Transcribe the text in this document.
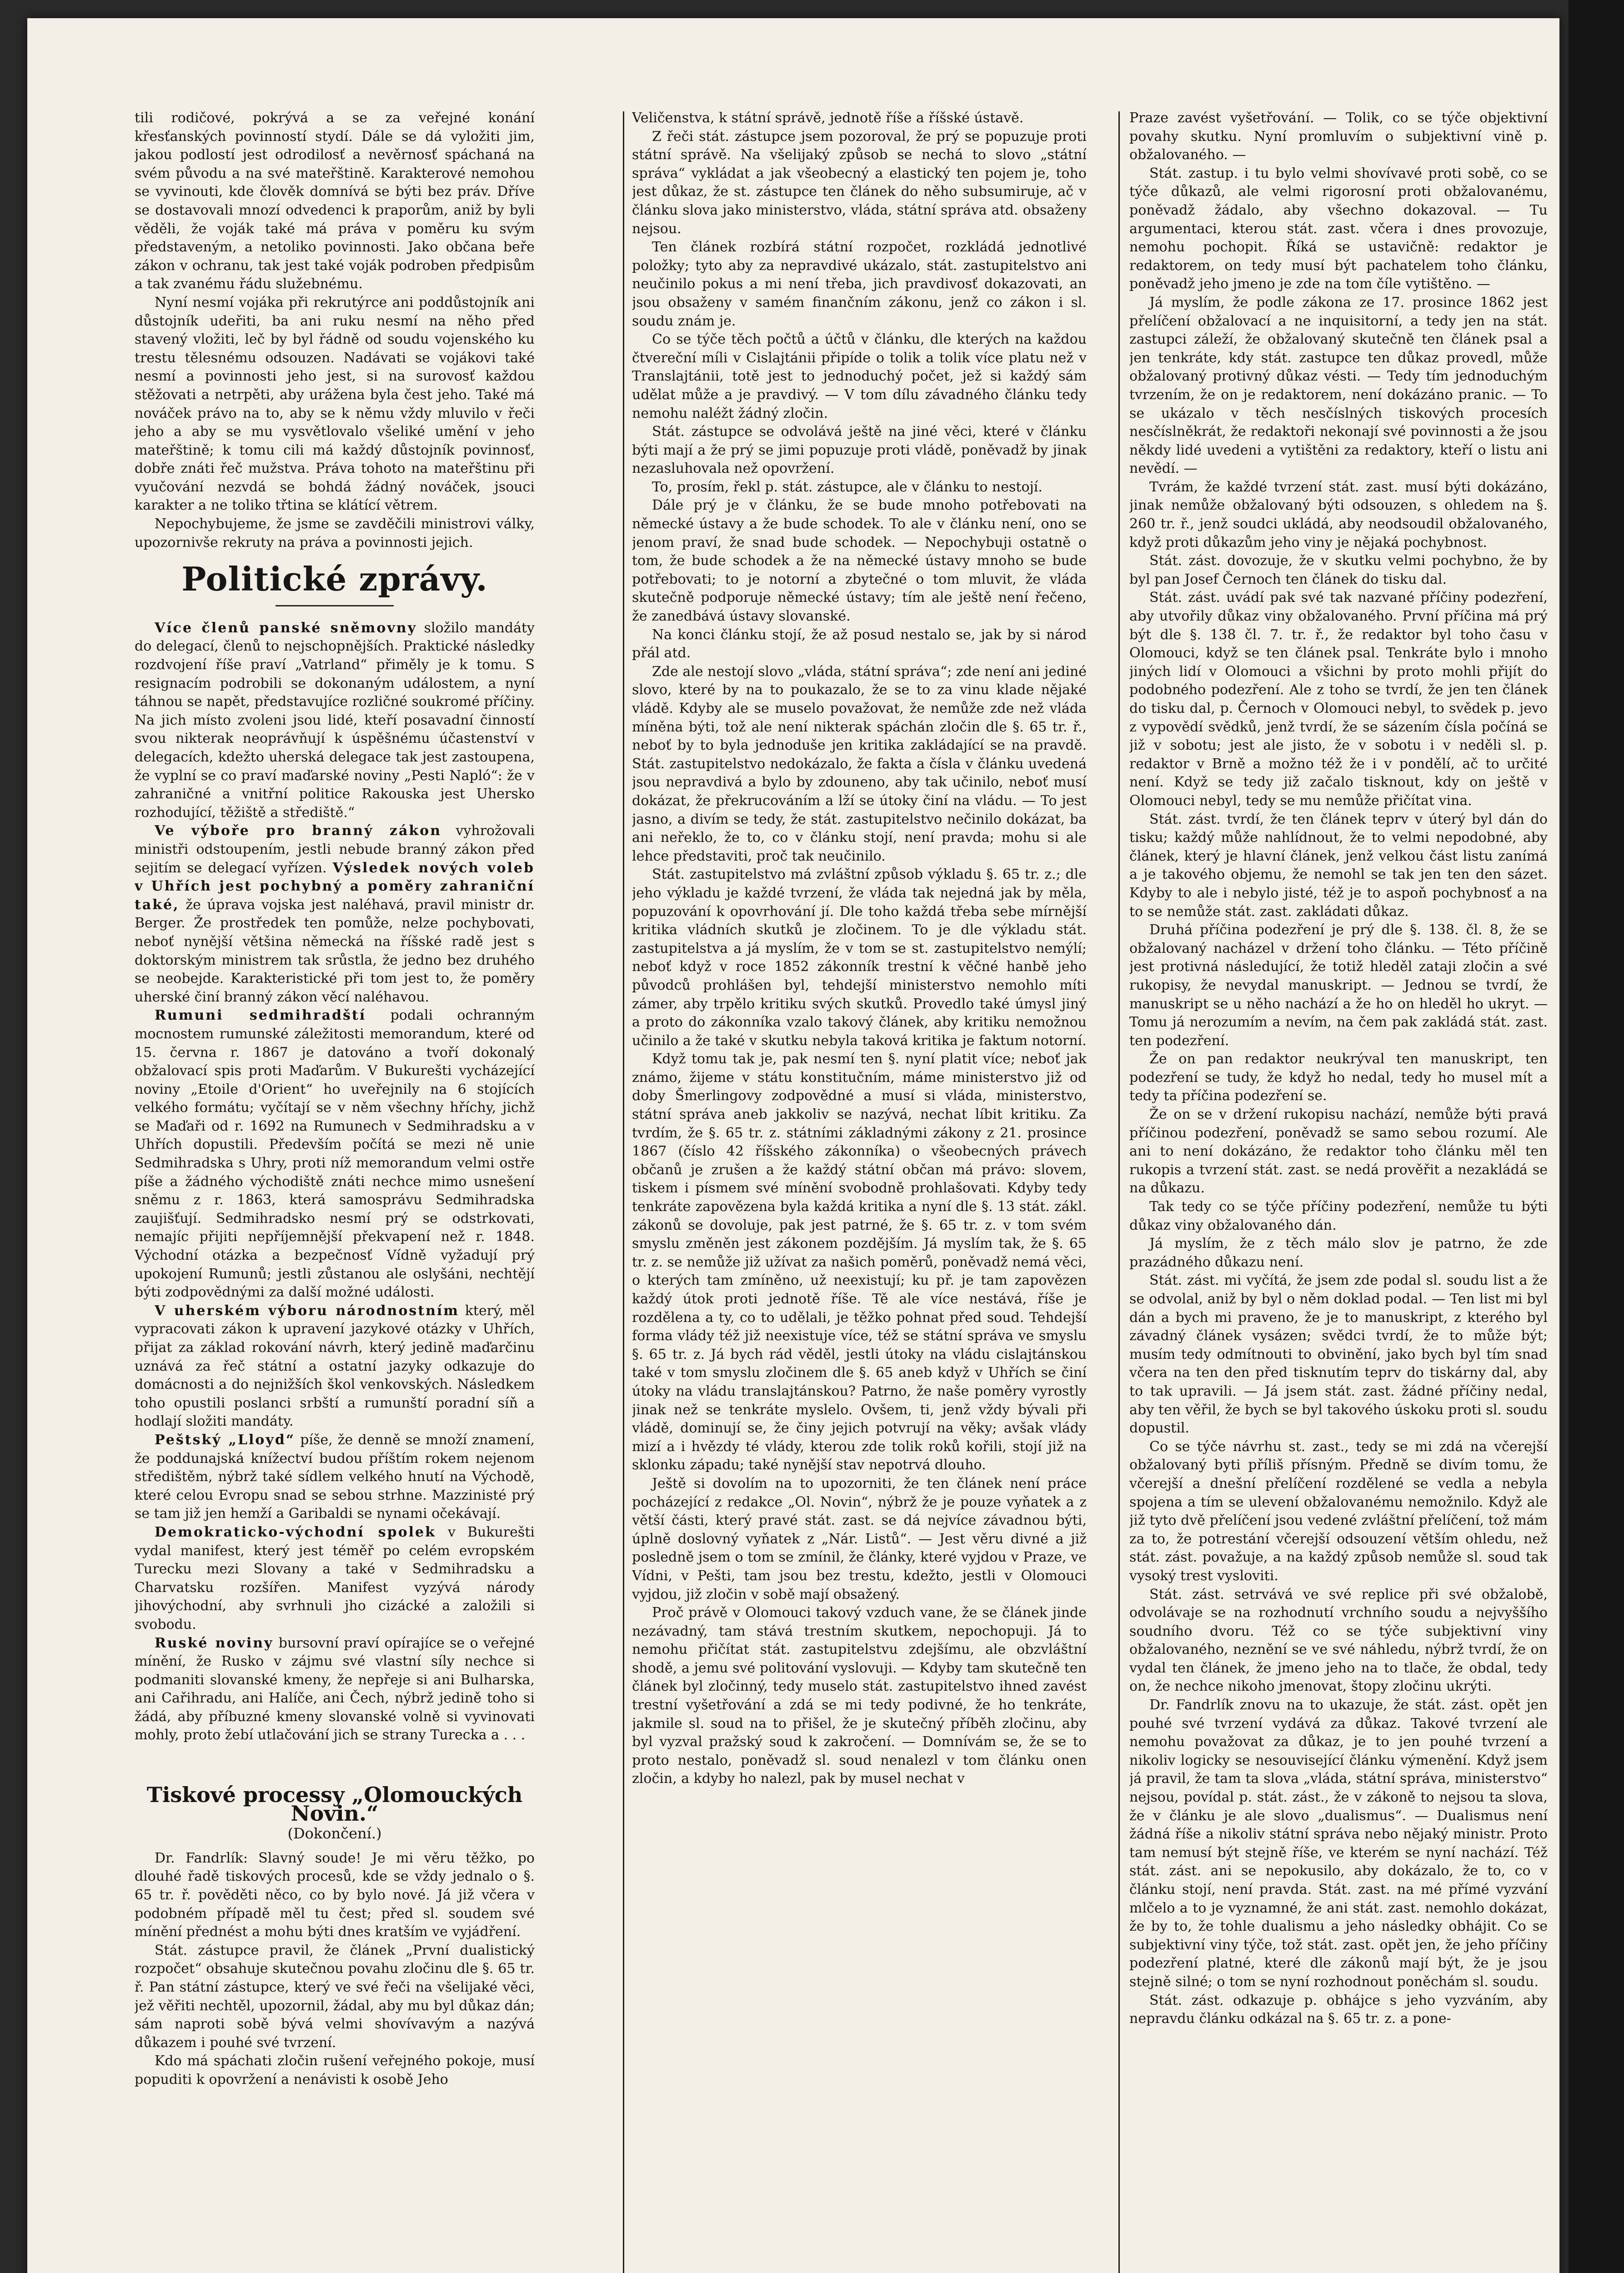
tili rodičové, pokrývá a se za veřejné konání křesťanských povinností stydí. Dále se dá vyložiti jim, jakou podlostí jest odrodilosť a nevěrnosť spáchaná na svém původu a na své mateřštině. Karakterové nemohou se vyvinouti, kde člověk domnívá se býti bez práv. Dříve se dostavovali mnozí odvedenci k praporům, aniž by byli věděli, že voják také má práva v poměru ku svým představeným, a netoliko povinnosti. Jako občana beře zákon v ochranu, tak jest také voják podroben předpisům a tak zvanému řádu služebnému.

Nyní nesmí vojáka při rekrutýrce ani poddůstojník ani důstojník udeřiti, ba ani ruku nesmí na něho před stavený vložiti, leč by byl řádně od soudu vojenského ku trestu tělesnému odsouzen. Nadávati se vojákovi také nesmí a povinnosti jeho jest, si na surovosť každou stěžovati a netrpěti, aby urážena byla čest jeho. Také má nováček právo na to, aby se k němu vždy mluvilo v řeči jeho a aby se mu vysvětlovalo všeliké umění v jeho mateřštině; k tomu cili má každý důstojník povinnosť, dobře znáti řeč mužstva. Práva tohoto na mateřštinu při vyučování nezvdá se bohdá žádný nováček, jsouci karakter a ne toliko třtina se klátící větrem.

Nepochybujeme, že jsme se zavděčili ministrovi války, upozornivše rekruty na práva a povinnosti jejich.

Politické zprávy.

Více členů panské sněmovny složilo mandáty do delegací, členů to nejschopnějších. Praktické následky rozdvojení říše praví „Vatrland“ přiměly je k tomu. S resignacím podrobili se dokonaným událostem, a nyní táhnou se napět, představujíce rozličné soukromé příčiny. Na jich místo zvoleni jsou lidé, kteří posavadní činností svou nikterak neoprávňují k úspěšnému účastenství v delegacích, kdežto uherská delegace tak jest zastoupena, že vyplní se co praví maďarské noviny „Pesti Napló“: že v zahraničné a vnitřní politice Rakouska jest Uhersko rozhodující, těžiště a střediště.“

Ve výboře pro branný zákon vyhrožovali ministři odstoupením, jestli nebude branný zákon před sejitím se delegací vyřízen. Výsledek nových voleb v Uhřích jest pochybný a poměry zahraniční také, že úprava vojska jest naléhavá, pravil ministr dr. Berger. Že prostředek ten pomůže, nelze pochybovati, neboť nynější většina německá na říšské radě jest s doktorským ministrem tak srůstla, že jedno bez druhého se neobejde. Karakteristické při tom jest to, že poměry uherské činí branný zákon věcí naléhavou.

Rumuni sedmihradští podali ochranným mocnostem rumunské záležitosti memorandum, které od 15. června r. 1867 je datováno a tvoří dokonalý obžalovací spis proti Maďarům. V Bukurešti vycházející noviny „Etoile d'Orient“ ho uveřejnily na 6 stojících velkého formátu; vyčítají se v něm všechny hříchy, jichž se Maďaři od r. 1692 na Rumunech v Sedmihradsku a v Uhřích dopustili. Především počítá se mezi ně unie Sedmihradska s Uhry, proti níž memorandum velmi ostře píše a žádného východiště znáti nechce mimo usnešení sněmu z r. 1863, která samosprávu Sedmihradska zaujišťují. Sedmihradsko nesmí prý se odstrkovati, nemajíc přijiti nepříjemnější překvapení než r. 1848. Východní otázka a bezpečnosť Vídně vyžadují prý upokojení Rumunů; jestli zůstanou ale oslyšáni, nechtějí býti zodpovědnými za další možné události.

V uherském výboru národnostním který, měl vypracovati zákon k upravení jazykové otázky v Uhřích, přijat za základ rokování návrh, který jedině maďarčinu uznává za řeč státní a ostatní jazyky odkazuje do domácnosti a do nejnižších škol venkovských. Následkem toho opustili poslanci srbští a rumunští poradní síň a hodlají složiti mandáty.

Peštský „Lloyd“ píše, že denně se množí znamení, že poddunajská knížectví budou příštím rokem nejenom středištěm, nýbrž také sídlem velkého hnutí na Východě, které celou Evropu snad se sebou strhne. Mazzinisté prý se tam již jen hemží a Garibaldi se nynami očekávají.

Demokraticko-východní spolek v Bukurešti vydal manifest, který jest téměř po celém evropském Turecku mezi Slovany a také v Sedmihradsku a Charvatsku rozšířen. Manifest vyzývá národy jihovýchodní, aby svrhnuli jho cizácké a založili si svobodu.

Ruské noviny bursovní praví opírajíce se o veřejné mínění, že Rusko v zájmu své vlastní síly nechce si podmaniti slovanské kmeny, že nepřeje si ani Bulharska, ani Cařihradu, ani Halíče, ani Čech, nýbrž jedině toho si žádá, aby příbuzné kmeny slovanské volně si vyvinovati mohly, proto žebí utlačování jich se strany Turecka a . . .

Tiskové processy „Olomouckých Novin.“
(Dokončení.)

Dr. Fandrlík: Slavný soude! Je mi věru těžko, po dlouhé řadě tiskových procesů, kde se vždy jednalo o §. 65 tr. ř. pověděti něco, co by bylo nové. Já již včera v podobném případě měl tu čest; před sl. soudem své mínění přednést a mohu býti dnes kratším ve vyjádření.

Stát. zástupce pravil, že článek „První dualistický rozpočet“ obsahuje skutečnou povahu zločinu dle §. 65 tr. ř. Pan státní zástupce, který ve své řeči na všelijaké věci, jež věřiti nechtěl, upozornil, žádal, aby mu byl důkaz dán; sám naproti sobě bývá velmi shovívavým a nazývá důkazem i pouhé své tvrzení.

Kdo má spáchati zločin rušení veřejného pokoje, musí popuditi k opovržení a nenávisti k osobě Jeho

Veličenstva, k státní správě, jednotě říše a říšské ústavě.

Z řeči stát. zástupce jsem pozoroval, že prý se popuzuje proti státní správě. Na všelijaký způsob se nechá to slovo „státní správa“ vykládat a jak všeobecný a elastický ten pojem je, toho jest důkaz, že st. zástupce ten článek do něho subsumiruje, ač v článku slova jako ministerstvo, vláda, státní správa atd. obsaženy nejsou.

Ten článek rozbírá státní rozpočet, rozkládá jednotlivé položky; tyto aby za nepravdivé ukázalo, stát. zastupitelstvo ani neučinilo pokus a mi není třeba, jich pravdivosť dokazovati, an jsou obsaženy v samém finančním zákonu, jenž co zákon i sl. soudu znám je.

Co se týče těch počtů a účtů v článku, dle kterých na každou čtvereční míli v Cislajtánii připíde o tolik a tolik více platu než v Translajtánii, totě jest to jednoduchý počet, jež si každý sám udělat může a je pravdivý. — V tom dílu závadného článku tedy nemohu naléžt žádný zločin.

Stát. zástupce se odvolává ještě na jiné věci, které v článku býti mají a že prý se jimi popuzuje proti vládě, poněvadž by jinak nezasluhovala než opovržení.

To, prosím, řekl p. stát. zástupce, ale v článku to nestojí.

Dále prý je v článku, že se bude mnoho potřebovati na německé ústavy a že bude schodek. To ale v článku není, ono se jenom praví, že snad bude schodek. — Nepochybuji ostatně o tom, že bude schodek a že na německé ústavy mnoho se bude potřebovati; to je notorní a zbytečné o tom mluvit, že vláda skutečně podporuje německé ústavy; tím ale ještě není řečeno, že zanedbává ústavy slovanské.

Na konci článku stojí, že až posud nestalo se, jak by si národ přál atd.

Zde ale nestojí slovo „vláda, státní správa“; zde není ani jediné slovo, které by na to poukazalo, že se to za vinu klade nějaké vládě. Kdyby ale se muselo považovat, že nemůže zde než vláda míněna býti, tož ale není nikterak spáchán zločin dle §. 65 tr. ř., neboť by to byla jednoduše jen kritika zakládající se na pravdě. Stát. zastupitelstvo nedokázalo, že fakta a čísla v článku uvedená jsou nepravdivá a bylo by zdouneno, aby tak učinilo, neboť musí dokázat, že překrucováním a lží se útoky činí na vládu. — To jest jasno, a divím se tedy, že stát. zastupitelstvo nečinilo dokázat, ba ani neřeklo, že to, co v článku stojí, není pravda; mohu si ale lehce představiti, proč tak neučinilo.

Stát. zastupitelstvo má zvláštní způsob výkladu §. 65 tr. z.; dle jeho výkladu je každé tvrzení, že vláda tak nejedná jak by měla, popuzování k opovrhování jí. Dle toho každá třeba sebe mírnější kritika vládních skutků je zločinem. To je dle výkladu stát. zastupitelstva a já myslím, že v tom se st. zastupitelstvo nemýlí; neboť když v roce 1852 zákonník trestní k věčné hanbě jeho původců prohlášen byl, tehdejší ministerstvo nemohlo míti zámer, aby trpělo kritiku svých skutků. Provedlo také úmysl jiný a proto do zákonníka vzalo takový článek, aby kritiku nemožnou učinilo a že také v skutku nebyla taková kritika je faktum notorní.

Když tomu tak je, pak nesmí ten §. nyní platit více; neboť jak známo, žijeme v státu konstitučním, máme ministerstvo již od doby Šmerlingovy zodpovědné a musí si vláda, ministerstvo, státní správa aneb jakkoliv se nazývá, nechat líbit kritiku. Za tvrdím, že §. 65 tr. z. státními základnými zákony z 21. prosince 1867 (číslo 42 říšského zákonníka) o všeobecných právech občanů je zrušen a že každý státní občan má právo: slovem, tiskem i písmem své mínění svobodně prohlašovati. Kdyby tedy tenkráte zapovězena byla každá kritika a nyní dle §. 13 stát. zákl. zákonů se dovoluje, pak jest patrné, že §. 65 tr. z. v tom svém smyslu změněn jest zákonem pozdějším. Já myslím tak, že §. 65 tr. z. se nemůže již užívat za našich poměrů, poněvadž nemá věci, o kterých tam zmíněno, už neexistují; ku př. je tam zapovězen každý útok proti jednotě říše. Tě ale více nestává, říše je rozdělena a ty, co to udělali, je těžko pohnat před soud. Tehdejší forma vlády též již neexistuje více, též se státní správa ve smyslu §. 65 tr. z. Já bych rád věděl, jestli útoky na vládu cislajtánskou také v tom smyslu zločinem dle §. 65 aneb když v Uhřích se činí útoky na vládu translajtánskou? Patrno, že naše poměry vyrostly jinak než se tenkráte myslelo. Ovšem, ti, jenž vždy bývali při vládě, dominují se, že činy jejich potvrují na věky; avšak vlády mizí a i hvězdy té vlády, kterou zde tolik roků kořili, stojí již na sklonku západu; také nynější stav nepotrvá dlouho.

Ještě si dovolím na to upozorniti, že ten článek není práce pocházející z redakce „Ol. Novin“, nýbrž že je pouze vyňatek a z větší části, který pravé stát. zast. se dá nejvíce závadnou býti, úplně doslovný vyňatek z „Nár. Listů“. — Jest věru divné a již posledně jsem o tom se zmínil, že články, které vyjdou v Praze, ve Vídni, v Pešti, tam jsou bez trestu, kdežto, jestli v Olomouci vyjdou, již zločin v sobě mají obsažený.

Proč právě v Olomouci takový vzduch vane, že se článek jinde nezávadný, tam stává trestním skutkem, nepochopuji. Já to nemohu přičítat stát. zastupitelstvu zdejšímu, ale obzvláštní shodě, a jemu své politování vyslovuji. — Kdyby tam skutečně ten článek byl zločinný, tedy muselo stát. zastupitelstvo ihned zavést trestní vyšetřování a zdá se mi tedy podivné, že ho tenkráte, jakmile sl. soud na to přišel, že je skutečný příběh zločinu, aby byl vyzval pražský soud k zakročení. — Domnívám se, že se to proto nestalo, poněvadž sl. soud nenalezl v tom článku onen zločin, a kdyby ho nalezl, pak by musel nechat v

Praze zavést vyšetřování. — Tolik, co se týče objektivní povahy skutku. Nyní promluvím o subjektivní vině p. obžalovaného. —

Stát. zastup. i tu bylo velmi shovívavé proti sobě, co se týče důkazů, ale velmi rigorosní proti obžalovanému, poněvadž žádalo, aby všechno dokazoval. — Tu argumentaci, kterou stát. zast. včera i dnes provozuje, nemohu pochopit. Říká se ustavičně: redaktor je redaktorem, on tedy musí být pachatelem toho článku, poněvadž jeho jmeno je zde na tom číle vytištěno. —

Já myslím, že podle zákona ze 17. prosince 1862 jest přelíčení obžalovací a ne inquisitorní, a tedy jen na stát. zastupci záleží, že obžalovaný skutečně ten článek psal a jen tenkráte, kdy stát. zastupce ten důkaz provedl, může obžalovaný protivný důkaz vésti. — Tedy tím jednoduchým tvrzením, že on je redaktorem, není dokázáno pranic. — To se ukázalo v těch nesčíslných tiskových procesích nesčíslněkrát, že redaktoři nekonají své povinnosti a že jsou někdy lidé uvedeni a vytištěni za redaktory, kteří o listu ani nevědí. —

Tvrám, že každé tvrzení stát. zast. musí býti dokázáno, jinak nemůže obžalovaný býti odsouzen, s ohledem na §. 260 tr. ř., jenž soudci ukládá, aby neodsoudil obžalovaného, když proti důkazům jeho viny je nějaká pochybnost.

Stát. zást. dovozuje, že v skutku velmi pochybno, že by byl pan Josef Černoch ten článek do tisku dal.

Stát. zást. uvádí pak své tak nazvané příčiny podezření, aby utvořily důkaz viny obžalovaného. První příčina má prý být dle §. 138 čl. 7. tr. ř., že redaktor byl toho času v Olomouci, když se ten článek psal. Tenkráte bylo i mnoho jiných lidí v Olomouci a všichni by proto mohli přijít do podobného podezření. Ale z toho se tvrdí, že jen ten článek do tisku dal, p. Černoch v Olomouci nebyl, to svědek p. jevo z vypovědí svědků, jenž tvrdí, že se sázením čísla počíná se již v sobotu; jest ale jisto, že v sobotu i v neděli sl. p. redaktor v Brně a možno též že i v pondělí, ač to určité není. Když se tedy již začalo tisknout, kdy on ještě v Olomouci nebyl, tedy se mu nemůže přičítat vina.

Stát. zást. tvrdí, že ten článek teprv v úterý byl dán do tisku; každý může nahlídnout, že to velmi nepodobné, aby článek, který je hlavní článek, jenž velkou část listu zanímá a je takového objemu, že nemohl se tak jen ten den sázet. Kdyby to ale i nebylo jisté, též je to aspoň pochybnosť a na to se nemůže stát. zast. zakládati důkaz.

Druhá příčina podezření je prý dle §. 138. čl. 8, že se obžalovaný nacházel v držení toho článku. — Této příčině jest protivná následující, že totiž hleděl zataji zločin a své rukopisy, že nevydal manuskript. — Jednou se tvrdí, že manuskript se u něho nachází a že ho on hleděl ho ukryt. — Tomu já nerozumím a nevím, na čem pak zakládá stát. zast. ten podezření.

Že on pan redaktor neukrýval ten manuskript, ten podezření se tudy, že když ho nedal, tedy ho musel mít a tedy ta příčina podezření se.

Že on se v držení rukopisu nachází, nemůže býti pravá příčinou podezření, poněvadž se samo sebou rozumí. Ale ani to není dokázáno, že redaktor toho článku měl ten rukopis a tvrzení stát. zast. se nedá prověřit a nezakládá se na důkazu.

Tak tedy co se týče příčiny podezření, nemůže tu býti důkaz viny obžalovaného dán.

Já myslím, že z těch málo slov je patrno, že zde prazádného důkazu není.

Stát. zást. mi vyčítá, že jsem zde podal sl. soudu list a že se odvolal, aniž by byl o něm doklad podal. — Ten list mi byl dán a bych mi praveno, že je to manuskript, z kterého byl závadný článek vysázen; svědci tvrdí, že to může být; musím tedy odmítnouti to obvinění, jako bych byl tím snad včera na ten den před tisknutím teprv do tiskárny dal, aby to tak upravili. — Já jsem stát. zast. žádné příčiny nedal, aby ten věřil, že bych se byl takového úskoku proti sl. soudu dopustil.

Co se týče návrhu st. zast., tedy se mi zdá na včerejší obžalovaný byti příliš přísným. Předně se divím tomu, že včerejší a dnešní přelíčení rozdělené se vedla a nebyla spojena a tím se ulevení obžalovanému nemožnilo. Když ale již tyto dvě přelíčení jsou vedené zvláštní přelíčení, tož mám za to, že potrestání včerejší odsouzení větším ohledu, než stát. zást. považuje, a na každý způsob nemůže sl. soud tak vysoký trest vysloviti.

Stát. zást. setrvává ve své replice při své obžalobě, odvolávaje se na rozhodnutí vrchního soudu a nejvyššího soudního dvoru. Též co se týče subjektivní viny obžalovaného, neznění se ve své náhledu, nýbrž tvrdí, že on vydal ten článek, že jmeno jeho na to tlače, že obdal, tedy on, že nechce nikoho jmenovat, štopy zločinu ukrýti.

Dr. Fandrlík znovu na to ukazuje, že stát. zást. opět jen pouhé své tvrzení vydává za důkaz. Takové tvrzení ale nemohu považovat za důkaz, je to jen pouhé tvrzení a nikoliv logicky se nesouvisející článku výmenění. Když jsem já pravil, že tam ta slova „vláda, státní správa, ministerstvo“ nejsou, povídal p. stát. zást., že v zákoně to nejsou ta slova, že v článku je ale slovo „dualismus“. — Dualismus není žádná říše a nikoliv státní správa nebo nějaký ministr. Proto tam nemusí být stejně říše, ve kterém se nyní nachází. Též stát. zást. ani se nepokusilo, aby dokázalo, že to, co v článku stojí, není pravda. Stát. zast. na mé přímé vyzvání mlčelo a to je vyznamné, že ani stát. zast. nemohlo dokázat, že by to, že tohle dualismu a jeho následky obhájit. Co se subjektivní viny týče, tož stát. zast. opět jen, že jeho příčiny podezření platné, které dle zákonů mají být, že je jsou stejně silné; o tom se nyní rozhodnout poněchám sl. soudu.

Stát. zást. odkazuje p. obhájce s jeho vyzváním, aby nepravdu článku odkázal na §. 65 tr. z. a pone-
